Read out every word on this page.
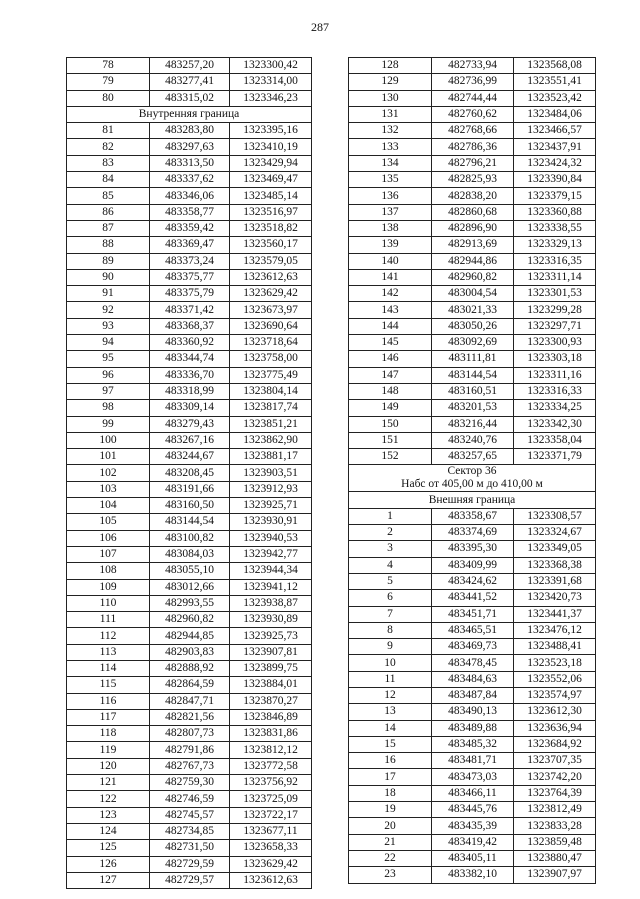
287
78	483257,20	1323300,42
79	483277,41	1323314,00
80	483315,02	1323346,23
Внутренняя граница		
81	483283,80	1323395,16
82	483297,63	1323410,19
83	483313,50	1323429,94
84	483337,62	1323469,47
85	483346,06	1323485,14
86	483358,77	1323516,97
87	483359,42	1323518,82
88	483369,47	1323560,17
89	483373,24	1323579,05
90	483375,77	1323612,63
91	483375,79	1323629,42
92	483371,42	1323673,97
93	483368,37	1323690,64
94	483360,92	1323718,64
95	483344,74	1323758,00
96	483336,70	1323775,49
97	483318,99	1323804,14
98	483309,14	1323817,74
99	483279,43	1323851,21
100	483267,16	1323862,90
101	483244,67	1323881,17
102	483208,45	1323903,51
103	483191,66	1323912,93
104	483160,50	1323925,71
105	483144,54	1323930,91
106	483100,82	1323940,53
107	483084,03	1323942,77
108	483055,10	1323944,34
109	483012,66	1323941,12
110	482993,55	1323938,87
111	482960,82	1323930,89
112	482944,85	1323925,73
113	482903,83	1323907,81
114	482888,92	1323899,75
115	482864,59	1323884,01
116	482847,71	1323870,27
117	482821,56	1323846,89
118	482807,73	1323831,86
119	482791,86	1323812,12
120	482767,73	1323772,58
121	482759,30	1323756,92
122	482746,59	1323725,09
123	482745,57	1323722,17
124	482734,85	1323677,11
125	482731,50	1323658,33
126	482729,59	1323629,42
127	482729,57	1323612,63
128	482733,94	1323568,08
129	482736,99	1323551,41
130	482744,44	1323523,42
131	482760,62	1323484,06
132	482768,66	1323466,57
133	482786,36	1323437,91
134	482796,21	1323424,32
135	482825,93	1323390,84
136	482838,20	1323379,15
137	482860,68	1323360,88
138	482896,90	1323338,55
139	482913,69	1323329,13
140	482944,86	1323316,35
141	482960,82	1323311,14
142	483004,54	1323301,53
143	483021,33	1323299,28
144	483050,26	1323297,71
145	483092,69	1323300,93
146	483111,81	1323303,18
147	483144,54	1323311,16
148	483160,51	1323316,33
149	483201,53	1323334,25
150	483216,44	1323342,30
151	483240,76	1323358,04
152	483257,65	1323371,79
Сектор 36
Набс от 405,00 м до 410,00 м		
Внешняя граница		
1	483358,67	1323308,57
2	483374,69	1323324,67
3	483395,30	1323349,05
4	483409,99	1323368,38
5	483424,62	1323391,68
6	483441,52	1323420,73
7	483451,71	1323441,37
8	483465,51	1323476,12
9	483469,73	1323488,41
10	483478,45	1323523,18
11	483484,63	1323552,06
12	483487,84	1323574,97
13	483490,13	1323612,30
14	483489,88	1323636,94
15	483485,32	1323684,92
16	483481,71	1323707,35
17	483473,03	1323742,20
18	483466,11	1323764,39
19	483445,76	1323812,49
20	483435,39	1323833,28
21	483419,42	1323859,48
22	483405,11	1323880,47
23	483382,10	1323907,97
